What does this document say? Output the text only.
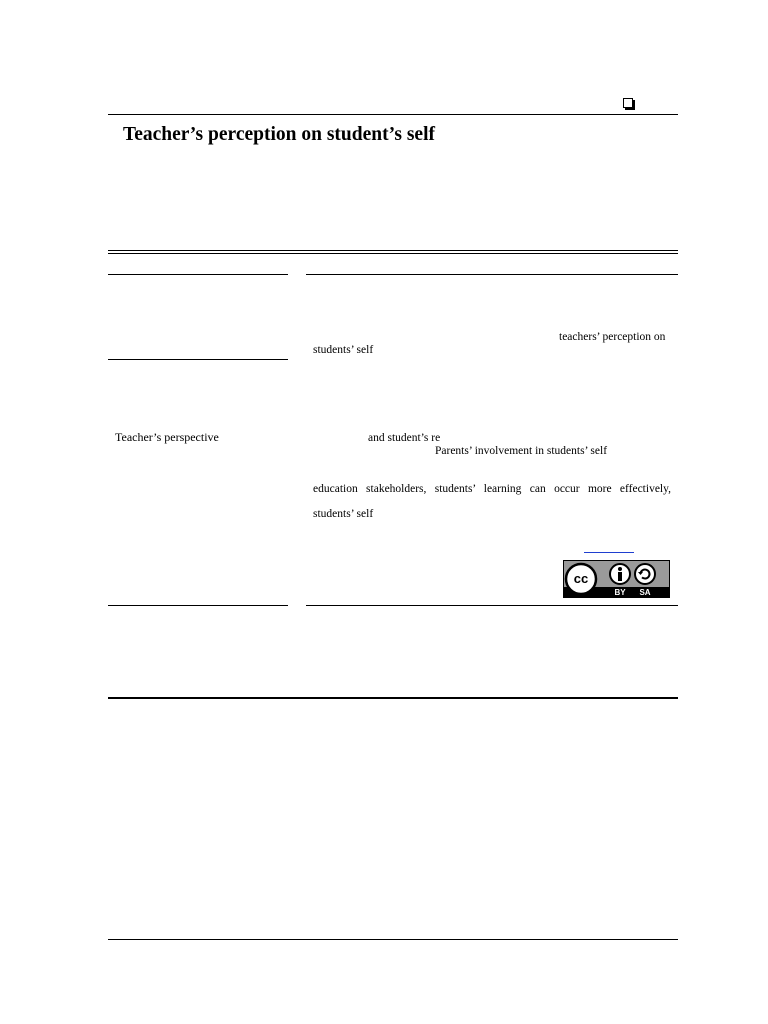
Teacher’s perception on student’s self
Teacher’s perspective
teachers’ perception on
students’ self
and student’s re
Parents’ involvement in students’ self
education stakeholders, students’ learning can occur more effectively,
students’ self
cc
BY SA
